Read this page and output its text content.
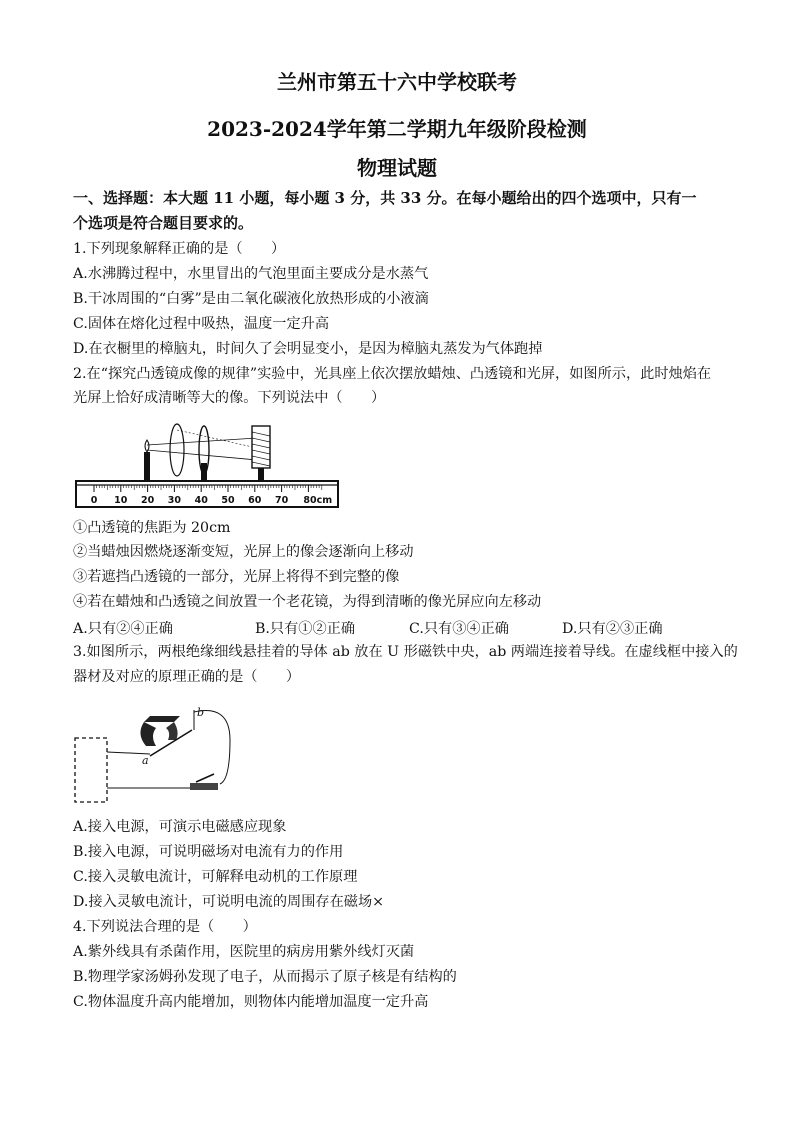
兰州市第五十六中学校联考
2023-2024学年第二学期九年级阶段检测
物理试题
一、选择题：本大题 11 小题，每小题 3 分，共 33 分。在每小题给出的四个选项中，只有一
个选项是符合题目要求的。
1.下列现象解释正确的是（　　）
A.水沸腾过程中，水里冒出的气泡里面主要成分是水蒸气
B.干冰周围的“白雾”是由二氧化碳液化放热形成的小液滴
C.固体在熔化过程中吸热，温度一定升高
D.在衣橱里的樟脑丸，时间久了会明显变小，是因为樟脑丸蒸发为气体跑掉
2.在“探究凸透镜成像的规律”实验中，光具座上依次摆放蜡烛、凸透镜和光屏，如图所示，此时烛焰在
光屏上恰好成清晰等大的像。下列说法中（　　）
0 10 20 30 40 50 60 70 80cm
①凸透镜的焦距为 20cm
②当蜡烛因燃烧逐渐变短，光屏上的像会逐渐向上移动
③若遮挡凸透镜的一部分，光屏上将得不到完整的像
④若在蜡烛和凸透镜之间放置一个老花镜，为得到清晰的像光屏应向左移动
A.只有②④正确	B.只有①②正确	C.只有③④正确	D.只有②③正确
3.如图所示，两根绝缘细线悬挂着的导体 ab 放在 U 形磁铁中央，ab 两端连接着导线。在虚线框中接入的
器材及对应的原理正确的是（　　）
b
a
A.接入电源，可演示电磁感应现象
B.接入电源，可说明磁场对电流有力的作用
C.接入灵敏电流计，可解释电动机的工作原理
D.接入灵敏电流计，可说明电流的周围存在磁场×
4.下列说法合理的是（　　）
A.紫外线具有杀菌作用，医院里的病房用紫外线灯灭菌
B.物理学家汤姆孙发现了电子，从而揭示了原子核是有结构的
C.物体温度升高内能增加，则物体内能增加温度一定升高
